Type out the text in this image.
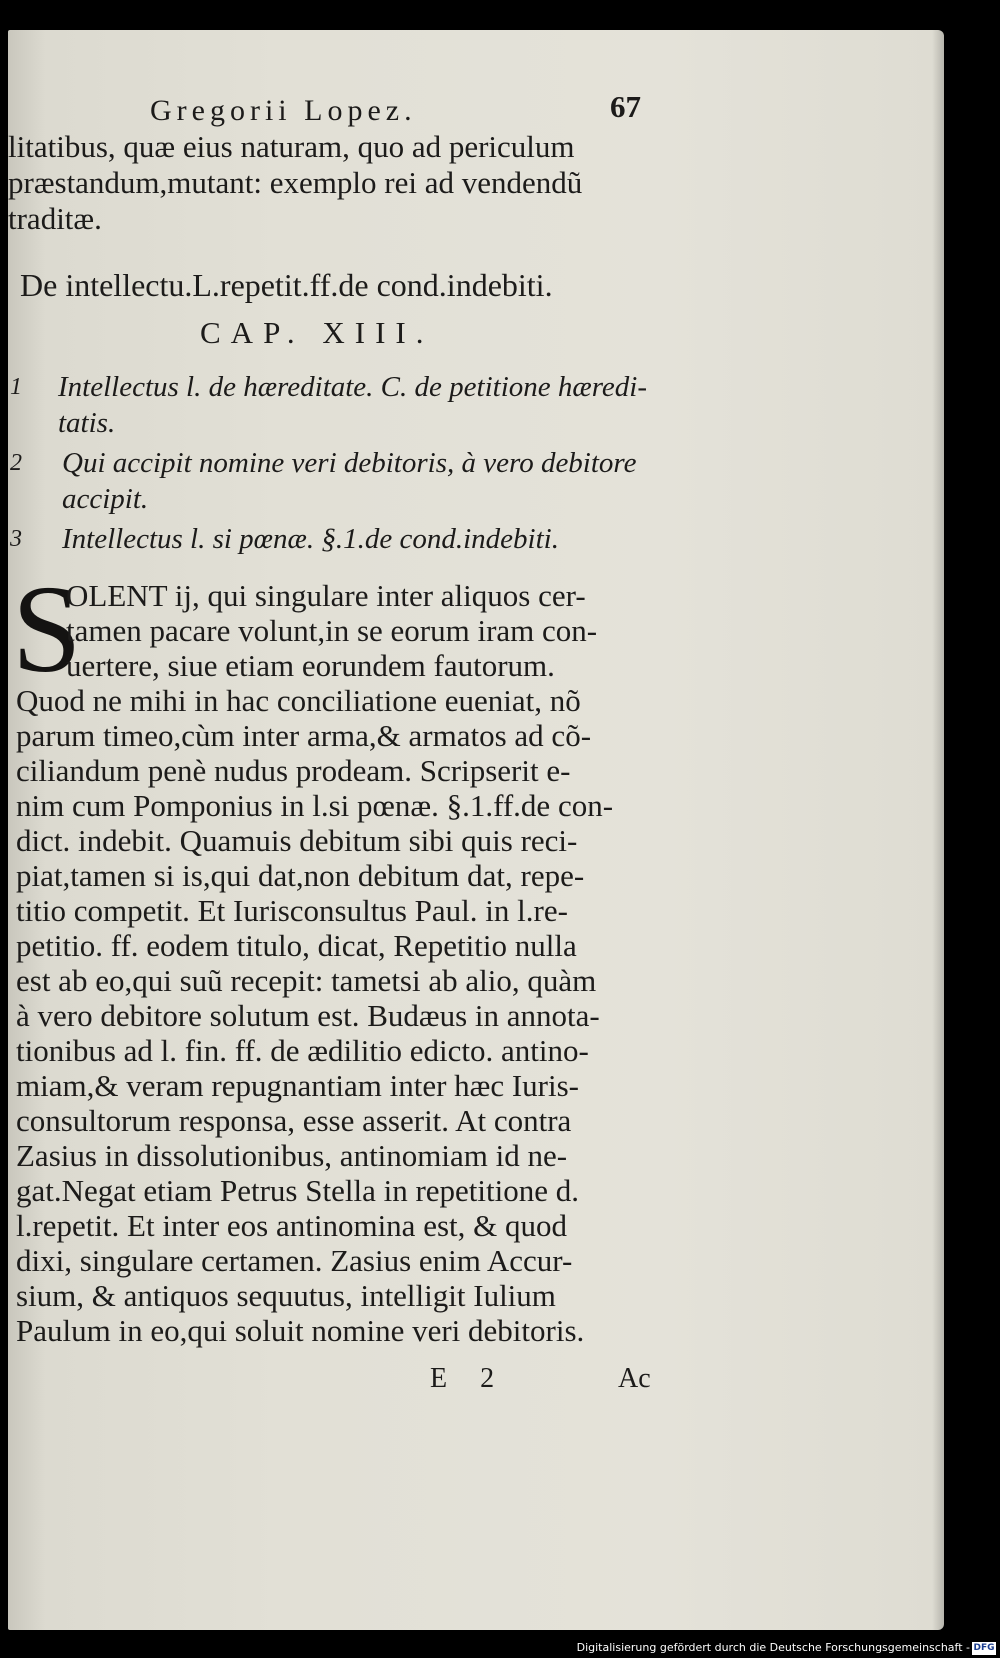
Gregorii Lopez.	67
litatibus, quæ eius naturam, quo ad periculum
præstandum,mutant: exemplo rei ad vendendũ
traditæ.
De intellectu.L.repetit.ff.de cond.indebiti.
CAP. XIII.
1 Intellectus l. de hæreditate. C. de petitione hæredi-
tatis.
2 Qui accipit nomine veri debitoris, à vero debitore
accipit.
3 Intellectus l. si pœnæ. §.1.de cond.indebiti.
S
OLENT ij, qui singulare inter aliquos cer-
tamen pacare volunt,in se eorum iram con-
uertere, siue etiam eorundem fautorum.
Quod ne mihi in hac conciliatione eueniat, nõ
parum timeo,cùm inter arma,& armatos ad cõ-
ciliandum penè nudus prodeam. Scripserit e-
nim cum Pomponius in l.si pœnæ. §.1.ff.de con-
dict. indebit. Quamuis debitum sibi quis reci-
piat,tamen si is,qui dat,non debitum dat, repe-
titio competit. Et Iurisconsultus Paul. in l.re-
petitio. ff. eodem titulo, dicat, Repetitio nulla
est ab eo,qui suũ recepit: tametsi ab alio, quàm
à vero debitore solutum est. Budæus in annota-
tionibus ad l. fin. ff. de ædilitio edicto. antino-
miam,& veram repugnantiam inter hæc Iuris-
consultorum responsa, esse asserit. At contra
Zasius in dissolutionibus, antinomiam id ne-
gat.Negat etiam Petrus Stella in repetitione d.
l.repetit. Et inter eos antinomina est, & quod
dixi, singulare certamen. Zasius enim Accur-
sium, & antiquos sequutus, intelligit Iulium
Paulum in eo,qui soluit nomine veri debitoris.
E 2	Ac
Digitalisierung gefördert durch die Deutsche Forschungsgemeinschaft - DFG
